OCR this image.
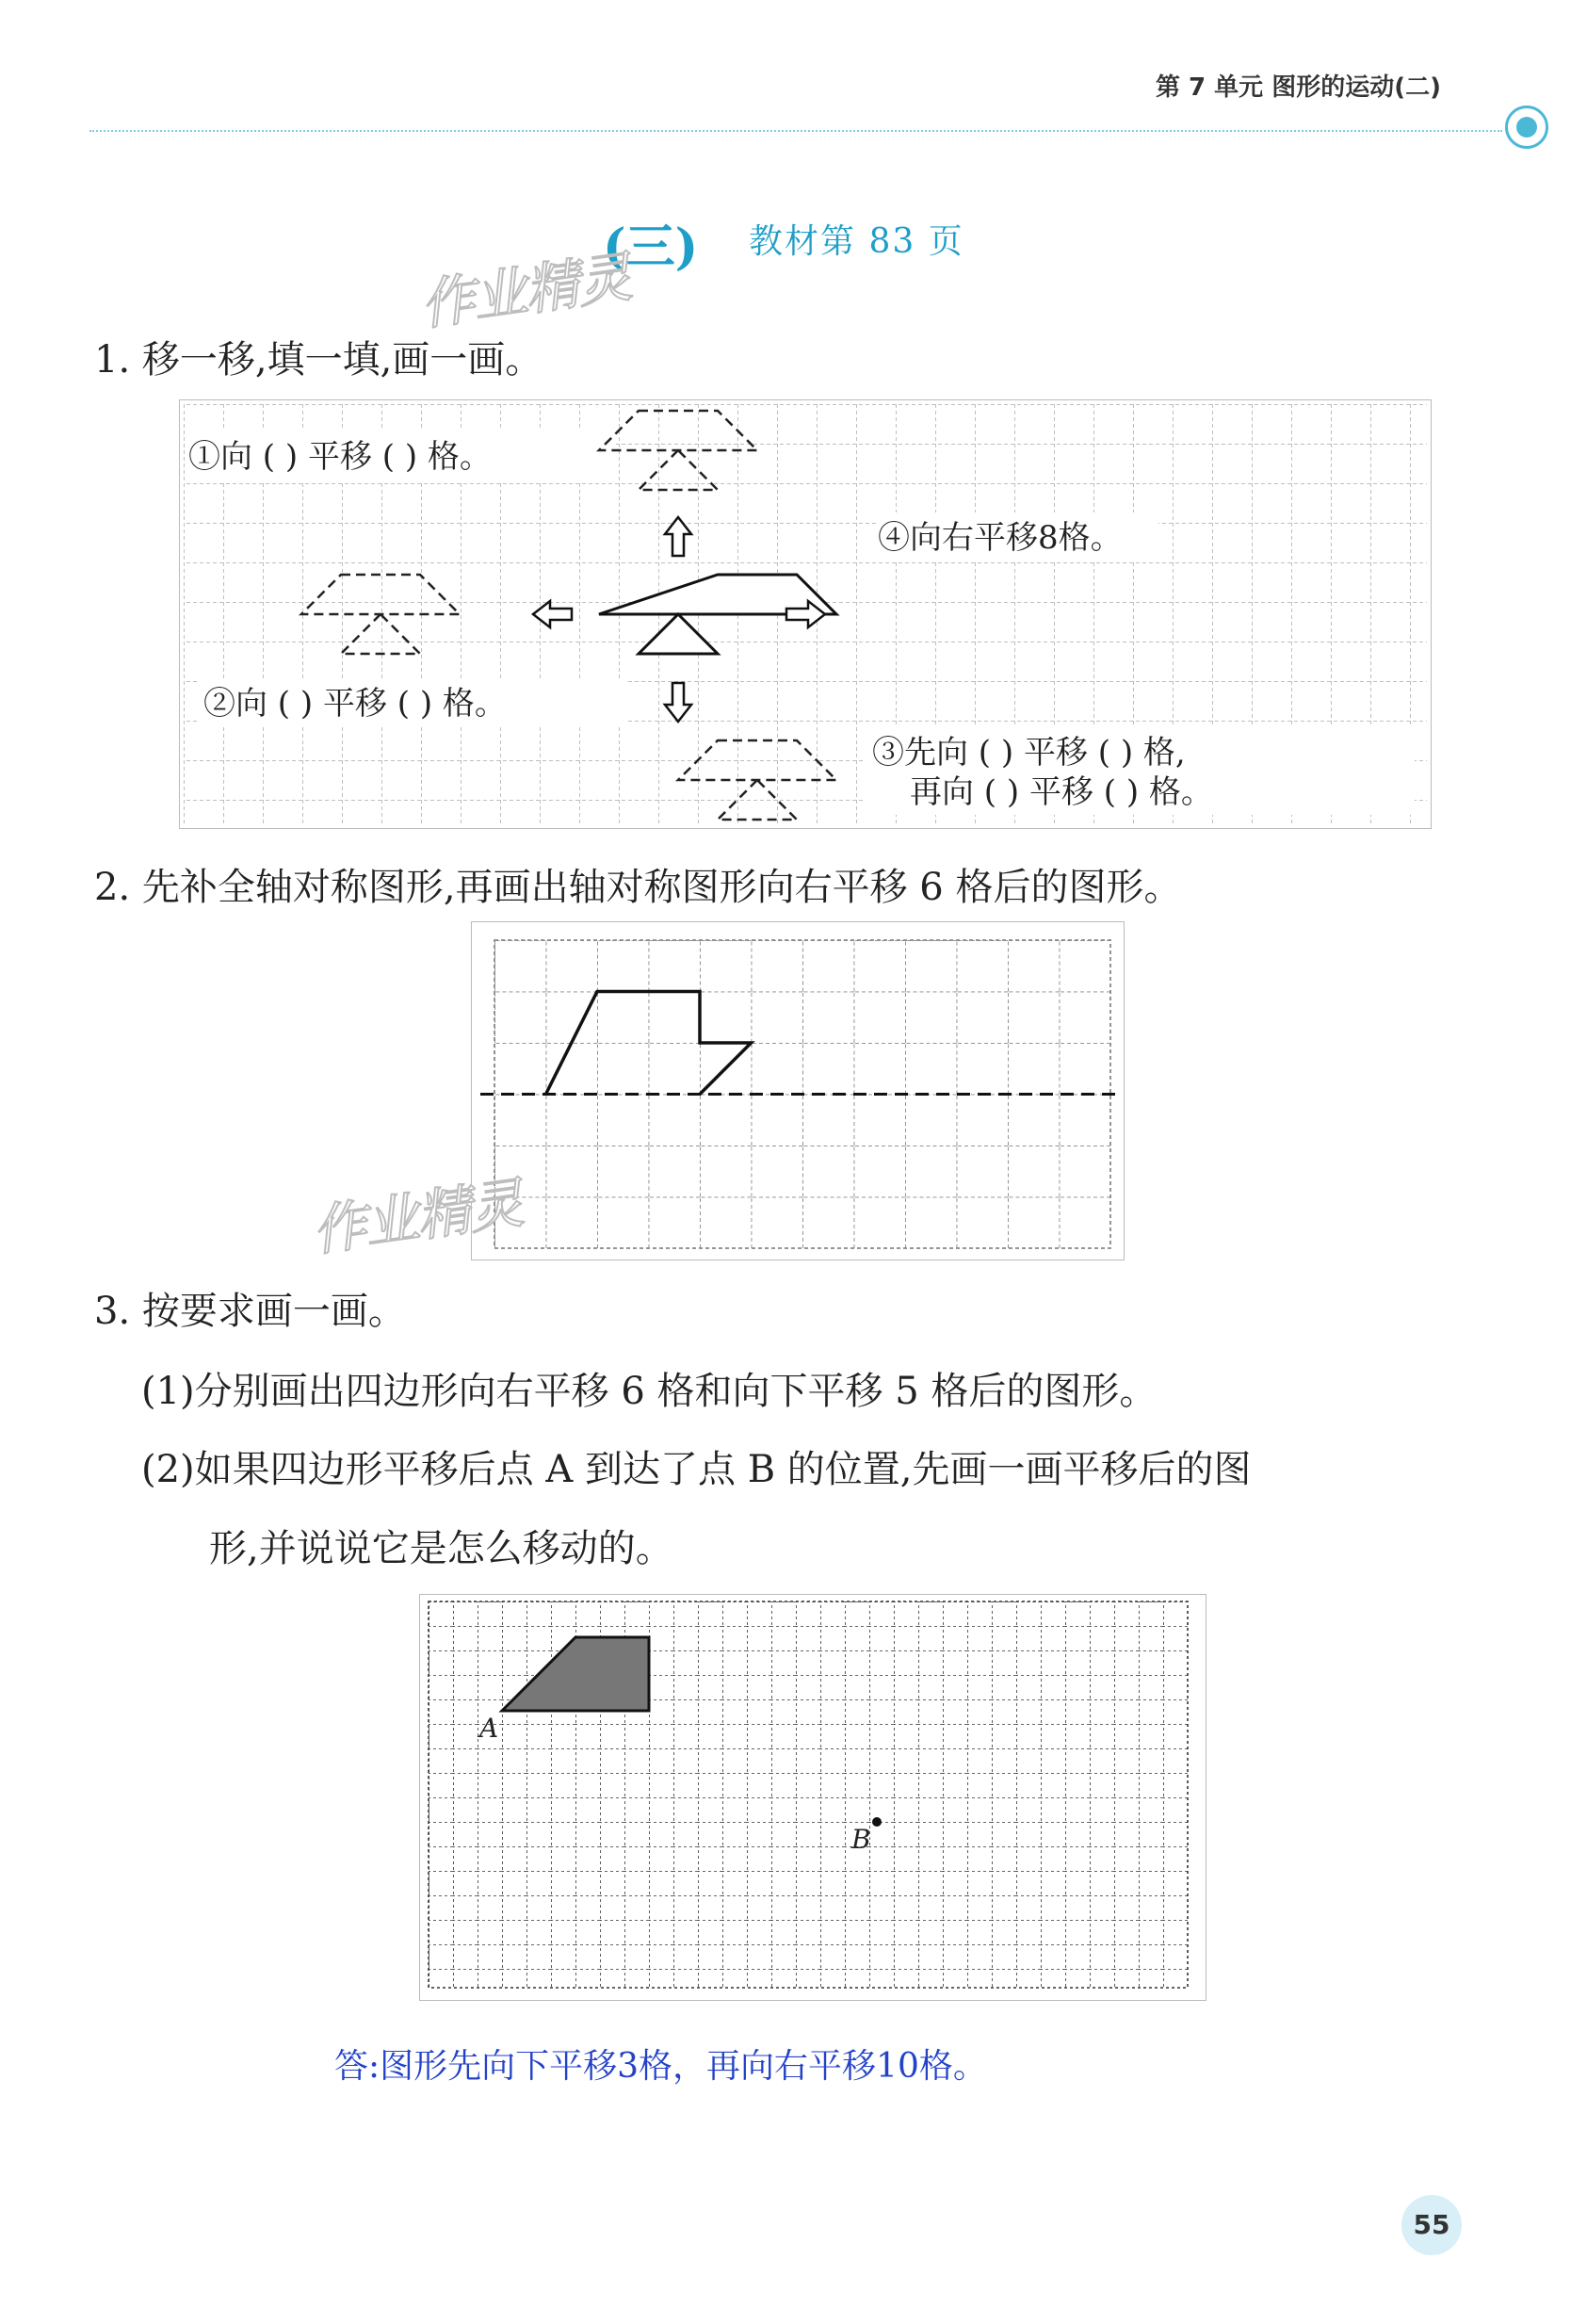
第 7 单元 图形的运动(二)
(三) 教材第 83 页
作业精灵
1. 移一移,填一填,画一画。
①向 ( ) 平移 ( ) 格。
②向 ( ) 平移 ( ) 格。
④向右平移8格。
③先向 ( ) 平移 ( ) 格,
再向 ( ) 平移 ( ) 格。
2. 先补全轴对称图形,再画出轴对称图形向右平移 6 格后的图形。
作业精灵
3. 按要求画一画。
(1)分别画出四边形向右平移 6 格和向下平移 5 格后的图形。
(2)如果四边形平移后点 A 到达了点 B 的位置,先画一画平移后的图
形,并说说它是怎么移动的。
A
B
答:图形先向下平移3格，再向右平移10格。
55
